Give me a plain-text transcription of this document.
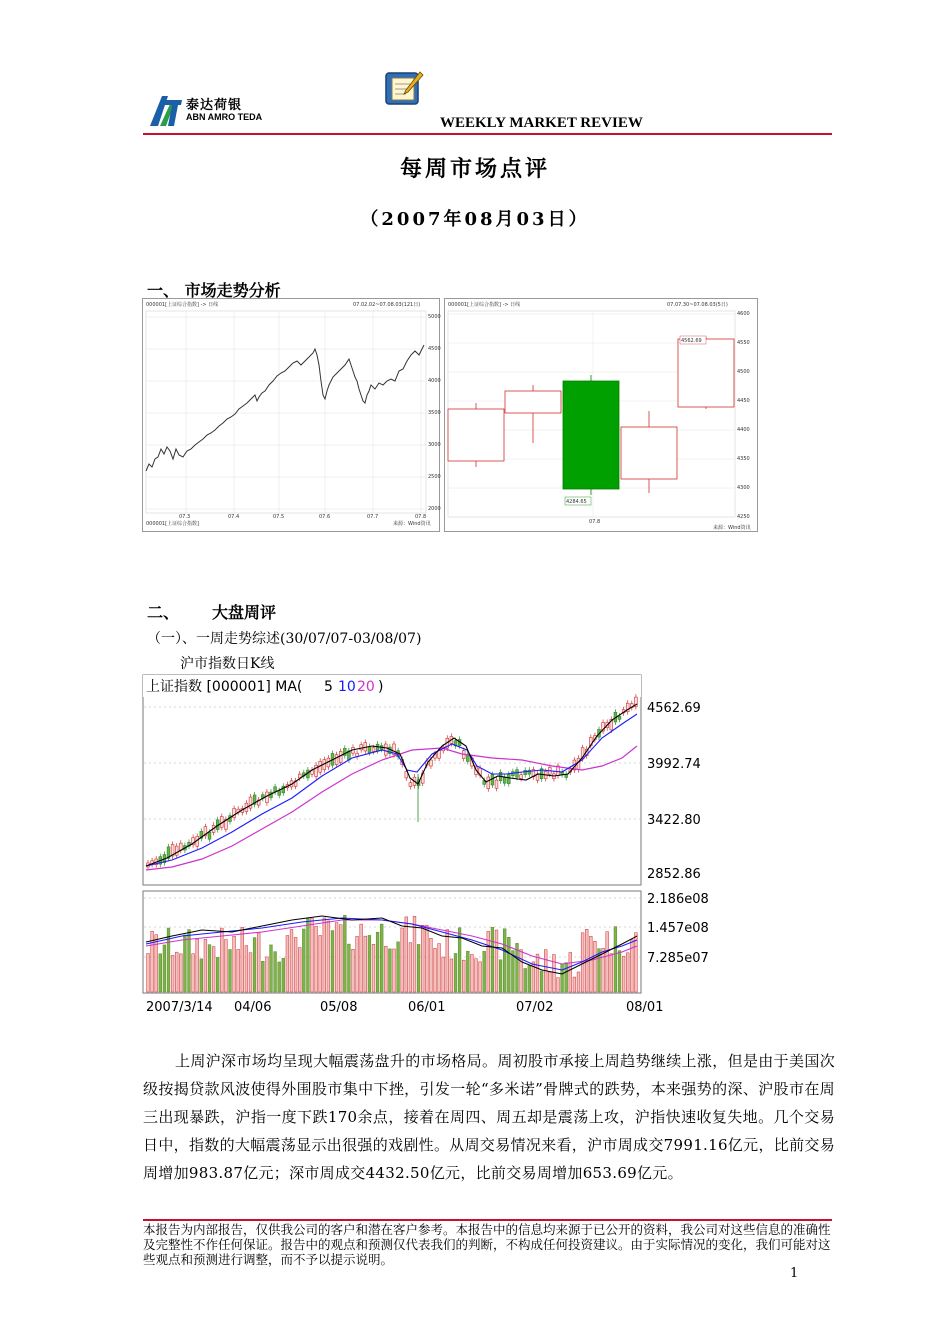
泰达荷银
ABN AMRO TEDA	WEEKLY MARKET REVIEW
每周市场点评
（2007年08月03日）
一、 市场走势分析
000001[上证综合指数] -> 日线	07.02.02~07.08.03(121日)
5000
4500
4000
3500
3000
2500
2000
07.3	07.4	07.5	07.6	07.7	07.8
000001[上证综合指数]	来源：Wind资讯
000001[上证综合指数] -> 日线	07.07.30~07.08.03(5日)
4600
4550
4500
4450
4400
4350
4300
4250
07.8
4562.69
4284.65
来源：Wind资讯
二、 大盘周评
（一）、一周走势综述(30/07/07-03/08/07)
沪市指数日K线
上证指数 [000001] MA( 5 10 20 )
4562.69
3992.74
3422.80
2852.86
2.186e08
1.457e08
7.285e07
2007/3/14 04/06	05/08	06/01	07/02	08/01
上周沪深市场均呈现大幅震荡盘升的市场格局。周初股市承接上周趋势继续上涨，但是由于美国次级按揭贷款风波使得外围股市集中下挫，引发一轮“多米诺”骨牌式的跌势，本来强势的深、沪股市在周三出现暴跌，沪指一度下跌170余点，接着在周四、周五却是震荡上攻，沪指快速收复失地。几个交易日中，指数的大幅震荡显示出很强的戏剧性。从周交易情况来看，沪市周成交7991.16亿元，比前交易周增加983.87亿元；深市周成交4432.50亿元，比前交易周增加653.69亿元。
本报告为内部报告，仅供我公司的客户和潜在客户参考。本报告中的信息均来源于已公开的资料，我公司对这些信息的准确性及完整性不作任何保证。报告中的观点和预测仅代表我们的判断，不构成任何投资建议。由于实际情况的变化，我们可能对这些观点和预测进行调整，而不予以提示说明。
1
